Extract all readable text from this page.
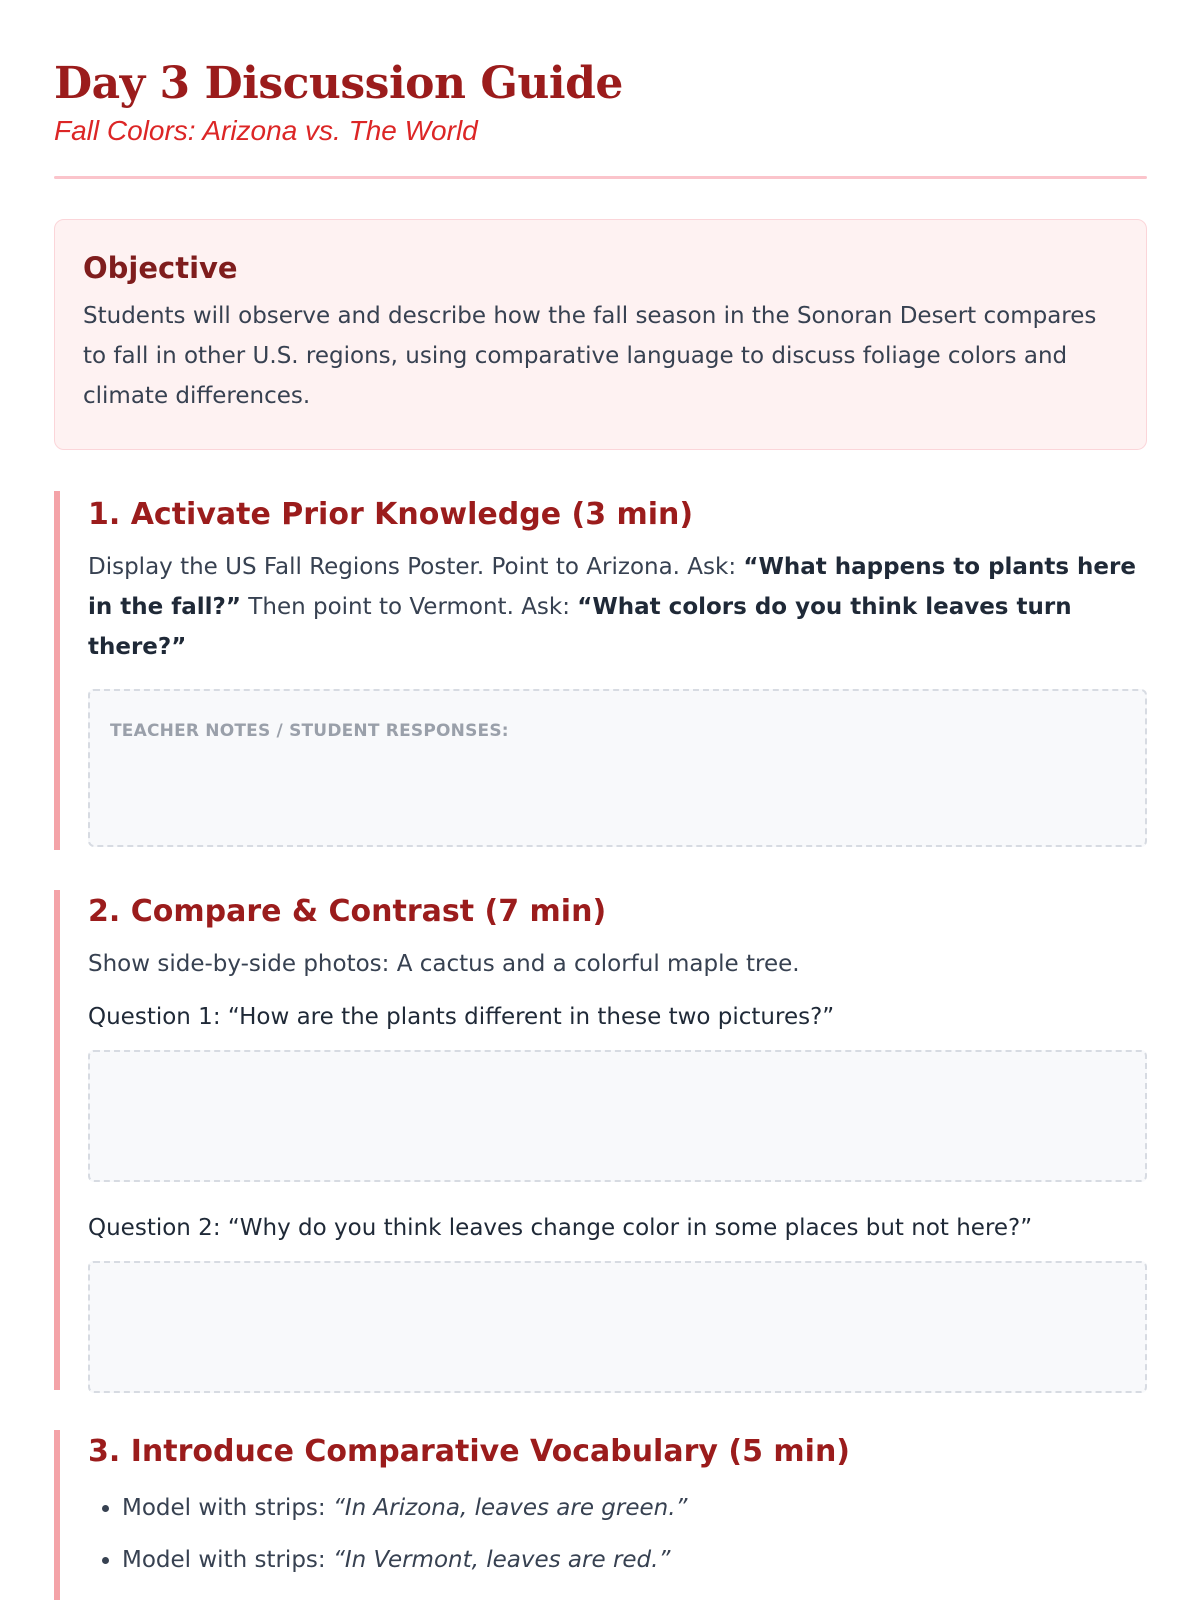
Day 3 Discussion Guide
Fall Colors: Arizona vs. The World
Objective

Students will observe and describe how the fall season in the Sonoran Desert compares to fall in other U.S. regions, using comparative language to discuss foliage colors and climate differences.

1. Activate Prior Knowledge (3 min)

Display the US Fall Regions Poster. Point to Arizona. Ask: “What happens to plants here in the fall?” Then point to Vermont. Ask: “What colors do you think leaves turn there?”

TEACHER NOTES / STUDENT RESPONSES:
2. Compare & Contrast (7 min)

Show side-by-side photos: A cactus and a colorful maple tree.

Question 1: “How are the plants different in these two pictures?”
Question 2: “Why do you think leaves change color in some places but not here?”
3. Introduce Comparative Vocabulary (5 min)
• Model with strips: “In Arizona, leaves are green.”
• Model with strips: “In Vermont, leaves are red.”
